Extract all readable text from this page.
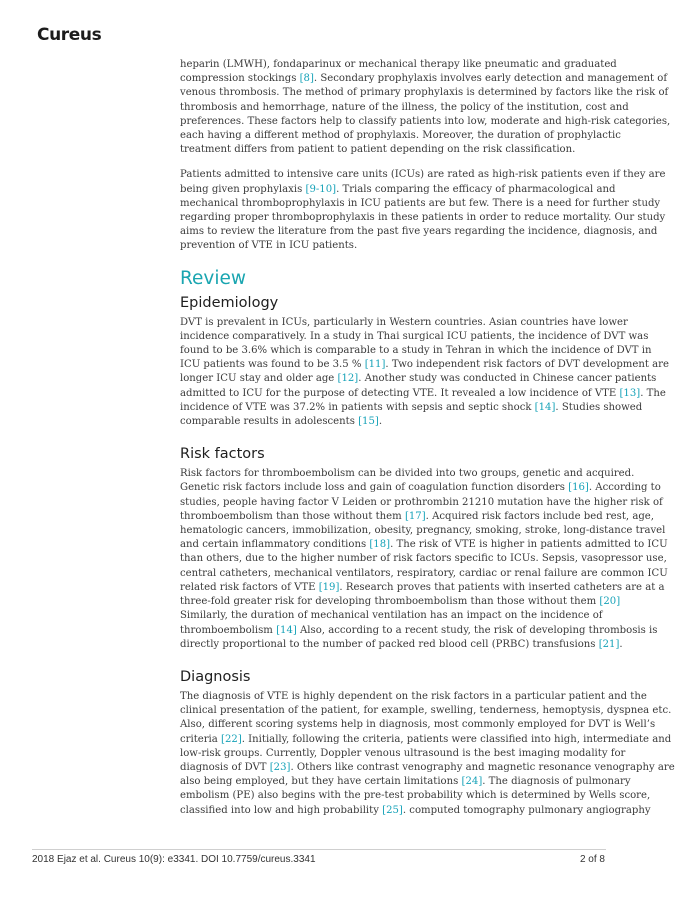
Cureus

heparin (LMWH), fondaparinux or mechanical therapy like pneumatic and graduated
compression stockings [8]. Secondary prophylaxis involves early detection and management of
venous thrombosis. The method of primary prophylaxis is determined by factors like the risk of
thrombosis and hemorrhage, nature of the illness, the policy of the institution, cost and
preferences. These factors help to classify patients into low, moderate and high-risk categories,
each having a different method of prophylaxis. Moreover, the duration of prophylactic
treatment differs from patient to patient depending on the risk classification.

Patients admitted to intensive care units (ICUs) are rated as high-risk patients even if they are
being given prophylaxis [9-10]. Trials comparing the efficacy of pharmacological and
mechanical thromboprophylaxis in ICU patients are but few. There is a need for further study
regarding proper thromboprophylaxis in these patients in order to reduce mortality. Our study
aims to review the literature from the past five years regarding the incidence, diagnosis, and
prevention of VTE in ICU patients.

Review
Epidemiology

DVT is prevalent in ICUs, particularly in Western countries. Asian countries have lower
incidence comparatively. In a study in Thai surgical ICU patients, the incidence of DVT was
found to be 3.6% which is comparable to a study in Tehran in which the incidence of DVT in
ICU patients was found to be 3.5 % [11]. Two independent risk factors of DVT development are
longer ICU stay and older age [12]. Another study was conducted in Chinese cancer patients
admitted to ICU for the purpose of detecting VTE. It revealed a low incidence of VTE [13]. The
incidence of VTE was 37.2% in patients with sepsis and septic shock [14]. Studies showed
comparable results in adolescents [15].

Risk factors

Risk factors for thromboembolism can be divided into two groups, genetic and acquired.
Genetic risk factors include loss and gain of coagulation function disorders [16]. According to
studies, people having factor V Leiden or prothrombin 21210 mutation have the higher risk of
thromboembolism than those without them [17]. Acquired risk factors include bed rest, age,
hematologic cancers, immobilization, obesity, pregnancy, smoking, stroke, long-distance travel
and certain inflammatory conditions [18]. The risk of VTE is higher in patients admitted to ICU
than others, due to the higher number of risk factors specific to ICUs. Sepsis, vasopressor use,
central catheters, mechanical ventilators, respiratory, cardiac or renal failure are common ICU
related risk factors of VTE [19]. Research proves that patients with inserted catheters are at a
three-fold greater risk for developing thromboembolism than those without them [20]
Similarly, the duration of mechanical ventilation has an impact on the incidence of
thromboembolism [14] Also, according to a recent study, the risk of developing thrombosis is
directly proportional to the number of packed red blood cell (PRBC) transfusions [21].

Diagnosis

The diagnosis of VTE is highly dependent on the risk factors in a particular patient and the
clinical presentation of the patient, for example, swelling, tenderness, hemoptysis, dyspnea etc.
Also, different scoring systems help in diagnosis, most commonly employed for DVT is Well’s
criteria [22]. Initially, following the criteria, patients were classified into high, intermediate and
low-risk groups. Currently, Doppler venous ultrasound is the best imaging modality for
diagnosis of DVT [23]. Others like contrast venography and magnetic resonance venography are
also being employed, but they have certain limitations [24]. The diagnosis of pulmonary
embolism (PE) also begins with the pre-test probability which is determined by Wells score,
classified into low and high probability [25]. computed tomography pulmonary angiography

2018 Ejaz et al. Cureus 10(9): e3341. DOI 10.7759/cureus.3341	2 of 8
